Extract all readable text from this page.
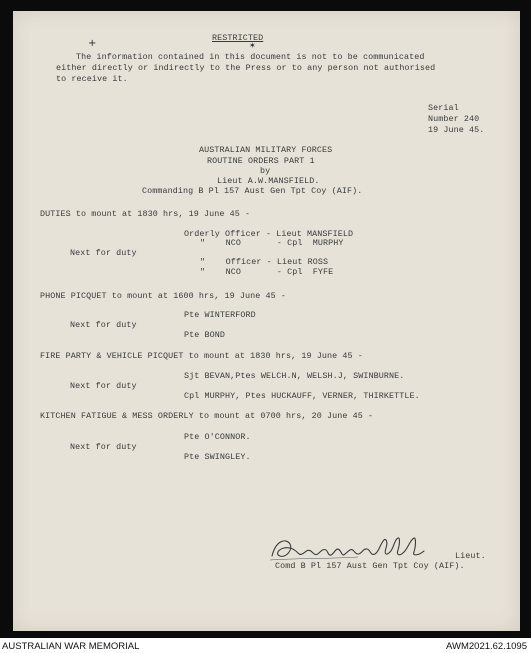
RESTRICTED
+	✶
The information contained in this document is not to be communicated
either directly or indirectly to the Press or to any person not authorised
to receive it.
Serial
Number 240
19 June 45.
AUSTRALIAN MILITARY FORCES
ROUTINE ORDERS PART 1
by
Lieut A.W.MANSFIELD.
Commanding B Pl 157 Aust Gen Tpt Coy (AIF).
DUTIES to mount at 1830 hrs, 19 June 45 -
Orderly Officer - Lieut MANSFIELD
"    NCO       - Cpl  MURPHY
Next for duty
"    Officer - Lieut ROSS
"    NCO       - Cpl  FYFE
PHONE PICQUET to mount at 1600 hrs, 19 June 45 -
Pte WINTERFORD
Next for duty
Pte BOND
FIRE PARTY & VEHICLE PICQUET to mount at 1830 hrs, 19 June 45 -
Sjt BEVAN,Ptes WELCH.N, WELSH.J, SWINBURNE.
Next for duty
Cpl MURPHY, Ptes HUCKAUFF, VERNER, THIRKETTLE.
KITCHEN FATIGUE & MESS ORDERLY to mount at 0700 hrs, 20 June 45 -
Pte O'CONNOR.
Next for duty
Pte SWINGLEY.
Lieut.
Comd B Pl 157 Aust Gen Tpt Coy (AIF).
AUSTRALIAN WAR MEMORIAL	AWM2021.62.1095
